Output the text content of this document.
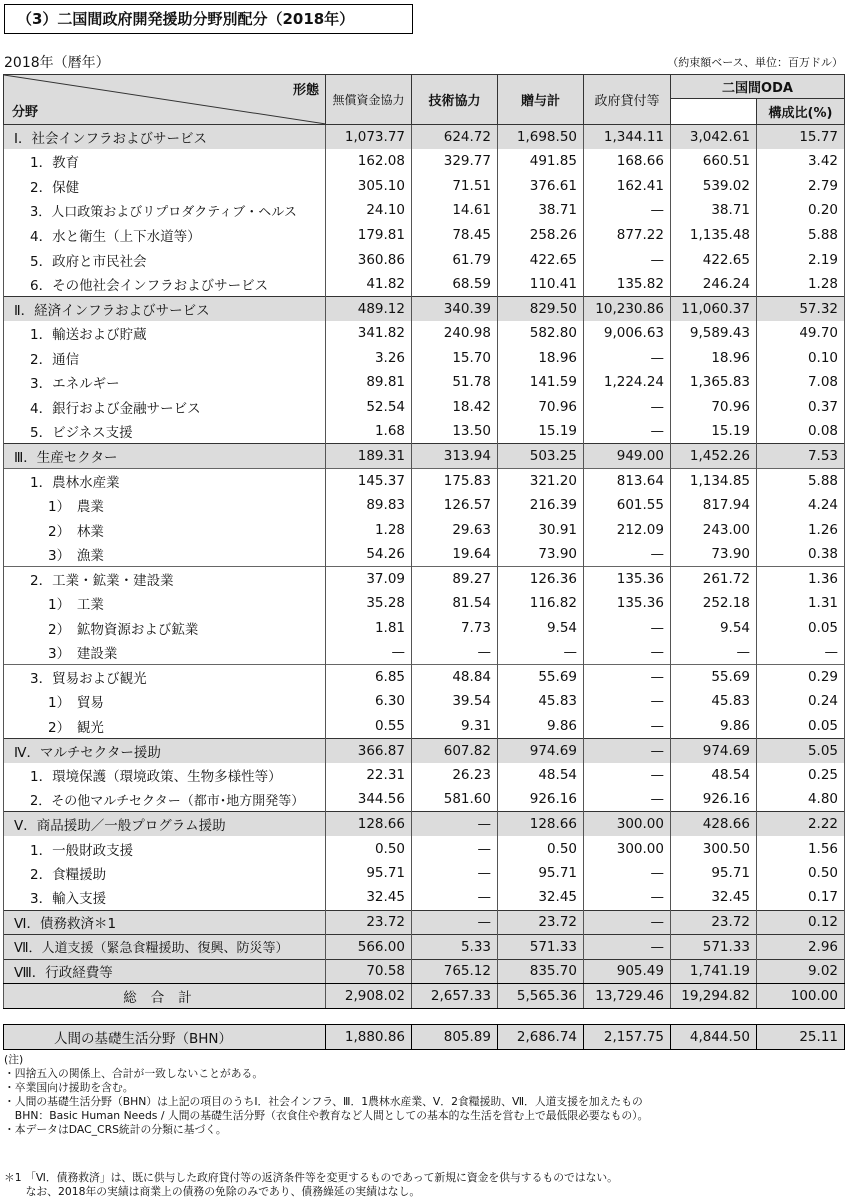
（3）二国間政府開発援助分野別配分（2018年）
2018年（暦年）	（約束額ベース、単位：百万ドル）
形態
分野	無償資金協力	技術協力	贈与計	政府貸付等	二国間ODA	
						構成比(%)
Ⅰ．社会インフラおよびサービス	1,073.77	624.72	1,698.50	1,344.11	3,042.61	15.77
1．教育	162.08	329.77	491.85	168.66	660.51	3.42
2．保健	305.10	71.51	376.61	162.41	539.02	2.79
3．人口政策およびリプロダクティブ・ヘルス	24.10	14.61	38.71	—	38.71	0.20
4．水と衛生（上下水道等）	179.81	78.45	258.26	877.22	1,135.48	5.88
5．政府と市民社会	360.86	61.79	422.65	—	422.65	2.19
6．その他社会インフラおよびサービス	41.82	68.59	110.41	135.82	246.24	1.28
Ⅱ．経済インフラおよびサービス	489.12	340.39	829.50	10,230.86	11,060.37	57.32
1．輸送および貯蔵	341.82	240.98	582.80	9,006.63	9,589.43	49.70
2．通信	3.26	15.70	18.96	—	18.96	0.10
3．エネルギー	89.81	51.78	141.59	1,224.24	1,365.83	7.08
4．銀行および金融サービス	52.54	18.42	70.96	—	70.96	0.37
5．ビジネス支援	1.68	13.50	15.19	—	15.19	0.08
Ⅲ．生産セクター	189.31	313.94	503.25	949.00	1,452.26	7.53
1．農林水産業	145.37	175.83	321.20	813.64	1,134.85	5.88
1）　農業	89.83	126.57	216.39	601.55	817.94	4.24
2）　林業	1.28	29.63	30.91	212.09	243.00	1.26
3）　漁業	54.26	19.64	73.90	—	73.90	0.38
2．工業・鉱業・建設業	37.09	89.27	126.36	135.36	261.72	1.36
1）　工業	35.28	81.54	116.82	135.36	252.18	1.31
2）　鉱物資源および鉱業	1.81	7.73	9.54	—	9.54	0.05
3）　建設業	—	—	—	—	—	—
3．貿易および観光	6.85	48.84	55.69	—	55.69	0.29
1）　貿易	6.30	39.54	45.83	—	45.83	0.24
2）　観光	0.55	9.31	9.86	—	9.86	0.05
Ⅳ．マルチセクター援助	366.87	607.82	974.69	—	974.69	5.05
1．環境保護（環境政策、生物多様性等）	22.31	26.23	48.54	—	48.54	0.25
2．その他マルチセクター（都市･地方開発等）	344.56	581.60	926.16	—	926.16	4.80
Ⅴ．商品援助／一般プログラム援助	128.66	—	128.66	300.00	428.66	2.22
1．一般財政支援	0.50	—	0.50	300.00	300.50	1.56
2．食糧援助	95.71	—	95.71	—	95.71	0.50
3．輸入支援	32.45	—	32.45	—	32.45	0.17
Ⅵ．債務救済＊1	23.72	—	23.72	—	23.72	0.12
Ⅶ．人道支援（緊急食糧援助、復興、防災等）	566.00	5.33	571.33	—	571.33	2.96
Ⅷ．行政経費等	70.58	765.12	835.70	905.49	1,741.19	9.02
総合計	2,908.02	2,657.33	5,565.36	13,729.46	19,294.82	100.00
人間の基礎生活分野（BHN）	1,880.86	805.89	2,686.74	2,157.75	4,844.50	25.11
(注)
・四捨五入の関係上、合計が一致しないことがある。
・卒業国向け援助を含む。
・人間の基礎生活分野（BHN）は上記の項目のうちⅠ．社会インフラ、Ⅲ．1農林水産業、Ⅴ．2食糧援助、Ⅶ．人道支援を加えたもの
　BHN：Basic Human Needs / 人間の基礎生活分野（衣食住や教育など人間としての基本的な生活を営む上で最低限必要なもの）。
・本データはDAC_CRS統計の分類に基づく。
＊1 「Ⅵ．債務救済」は、既に供与した政府貸付等の返済条件等を変更するものであって新規に資金を供与するものではない。
　　なお、2018年の実績は商業上の債務の免除のみであり、債務繰延の実績はなし。
